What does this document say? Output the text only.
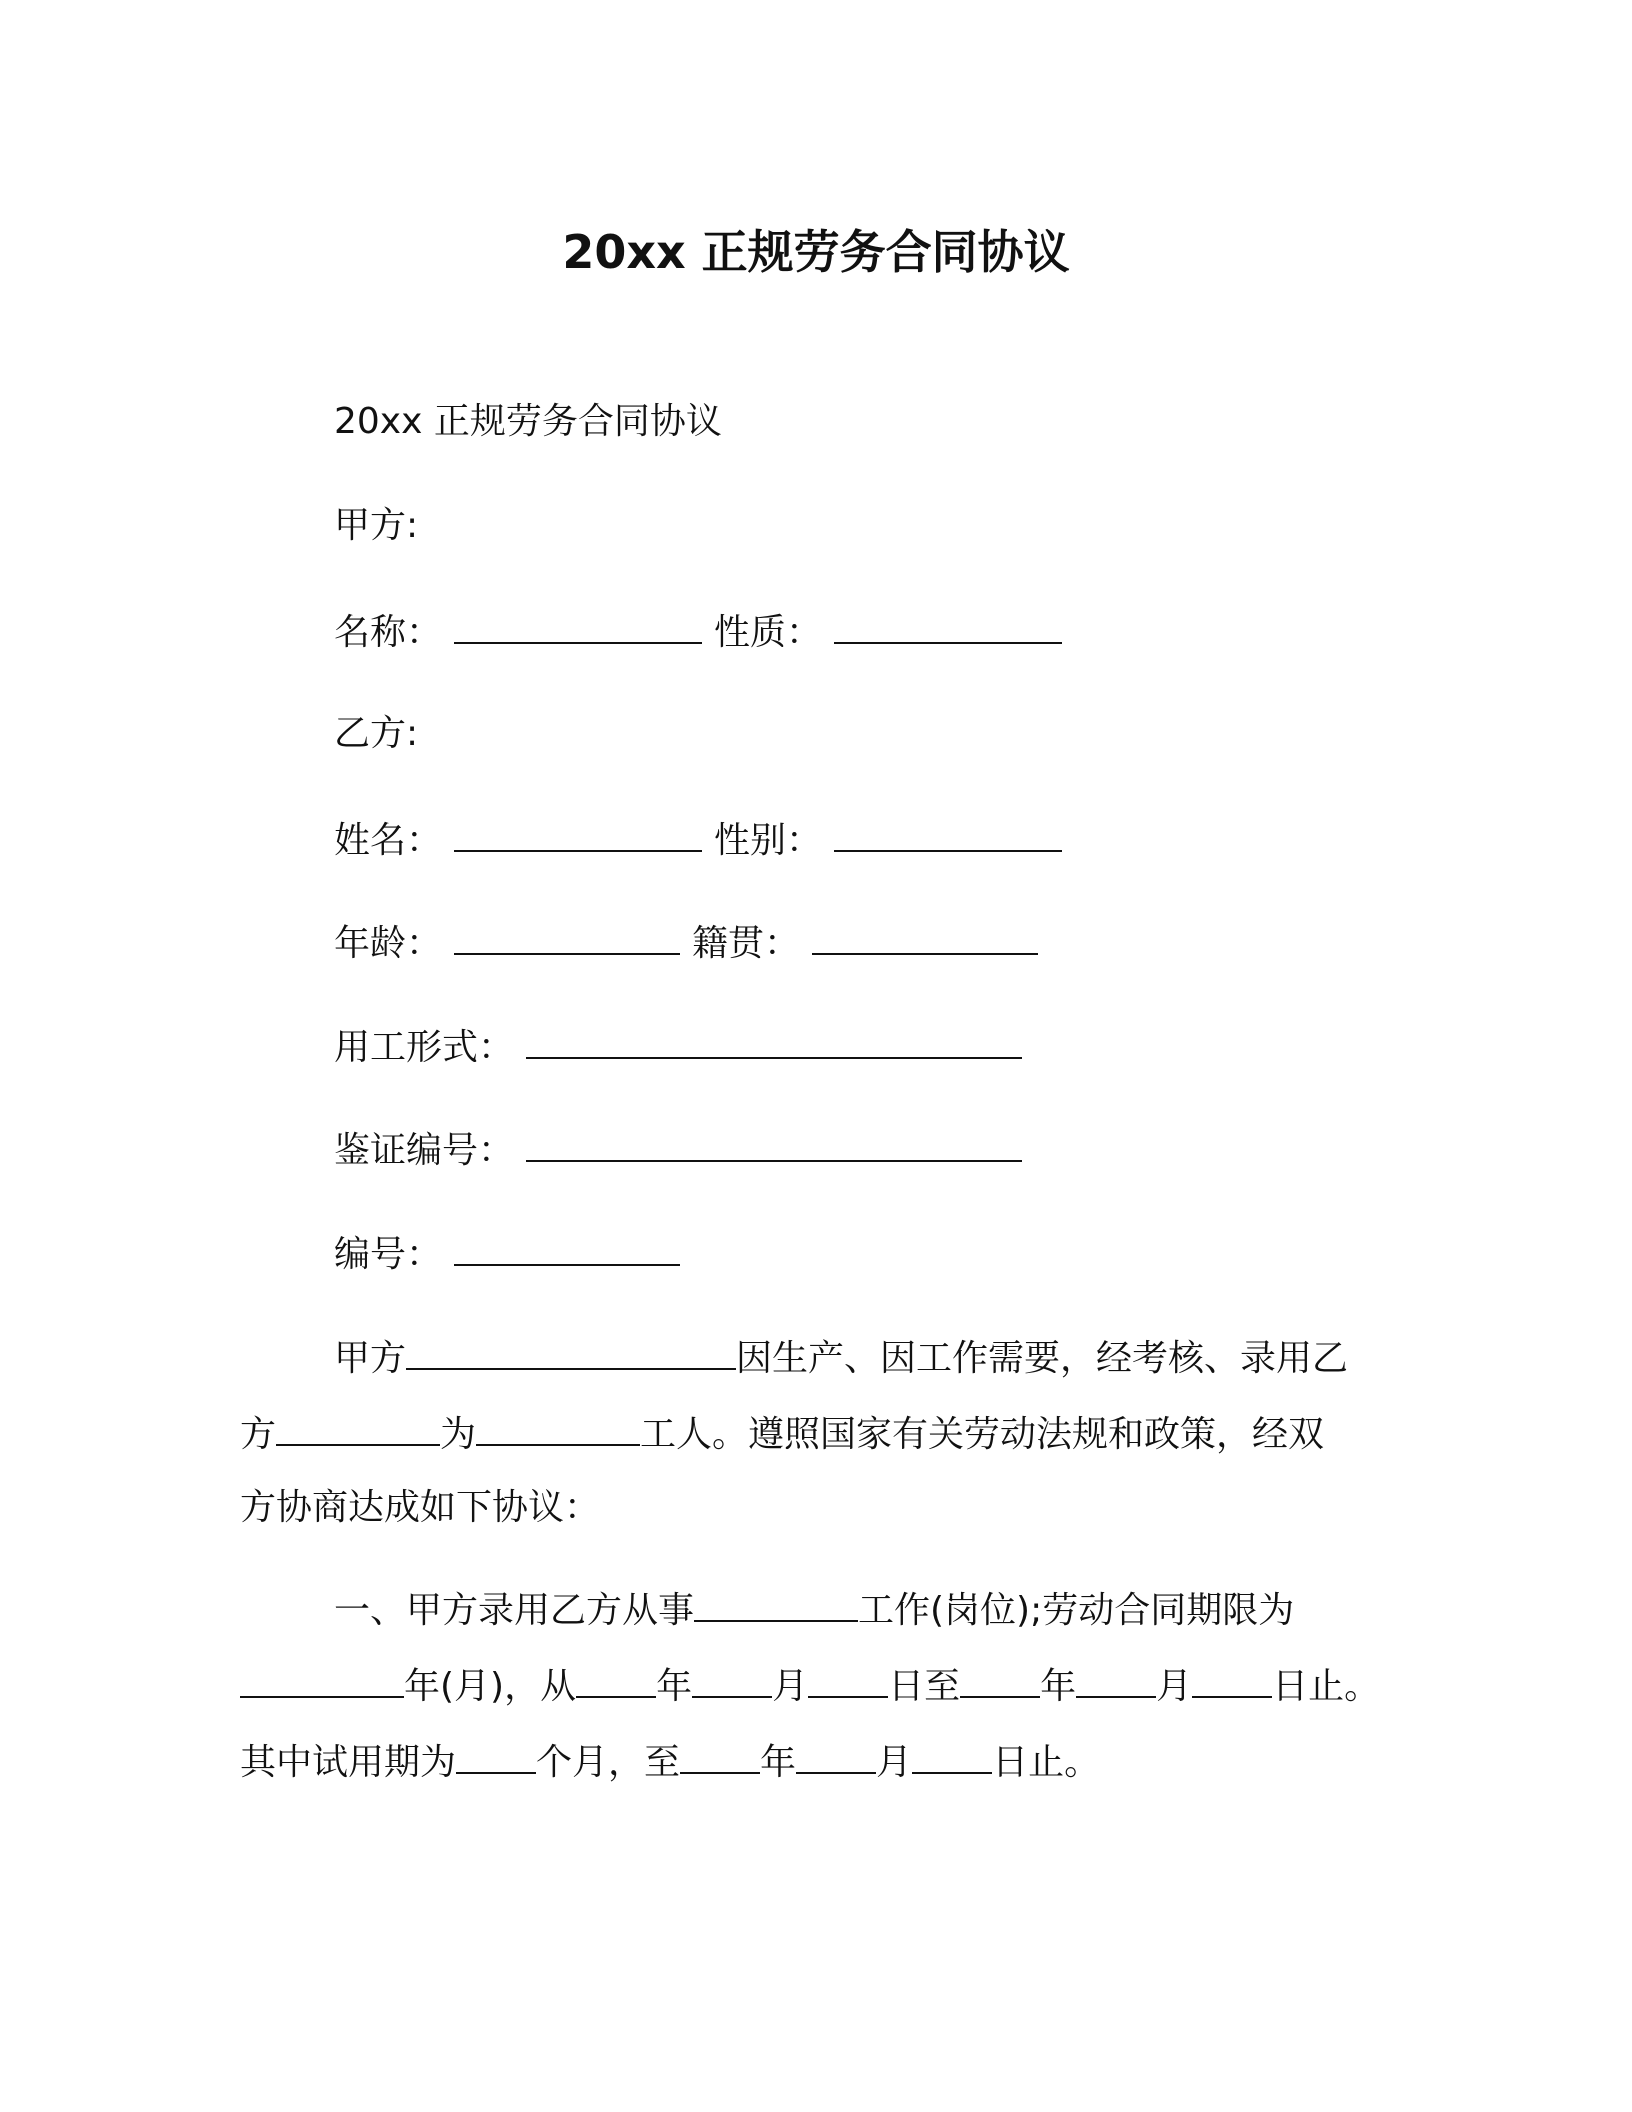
20xx 正规劳务合同协议
20xx 正规劳务合同协议
甲方:
名称：	性质：
乙方:
姓名：	性别：
年龄：	籍贯：
用工形式：
鉴证编号：
编号：
甲方	因生产、因工作需要，经考核、录用乙
方	为	工人。遵照国家有关劳动法规和政策，经双
方协商达成如下协议：
一、甲方录用乙方从事	工作(岗位);劳动合同期限为
年(月)，从 年 月 日至 年 月 日止。
其中试用期为 个月，至 年 月 日止。
